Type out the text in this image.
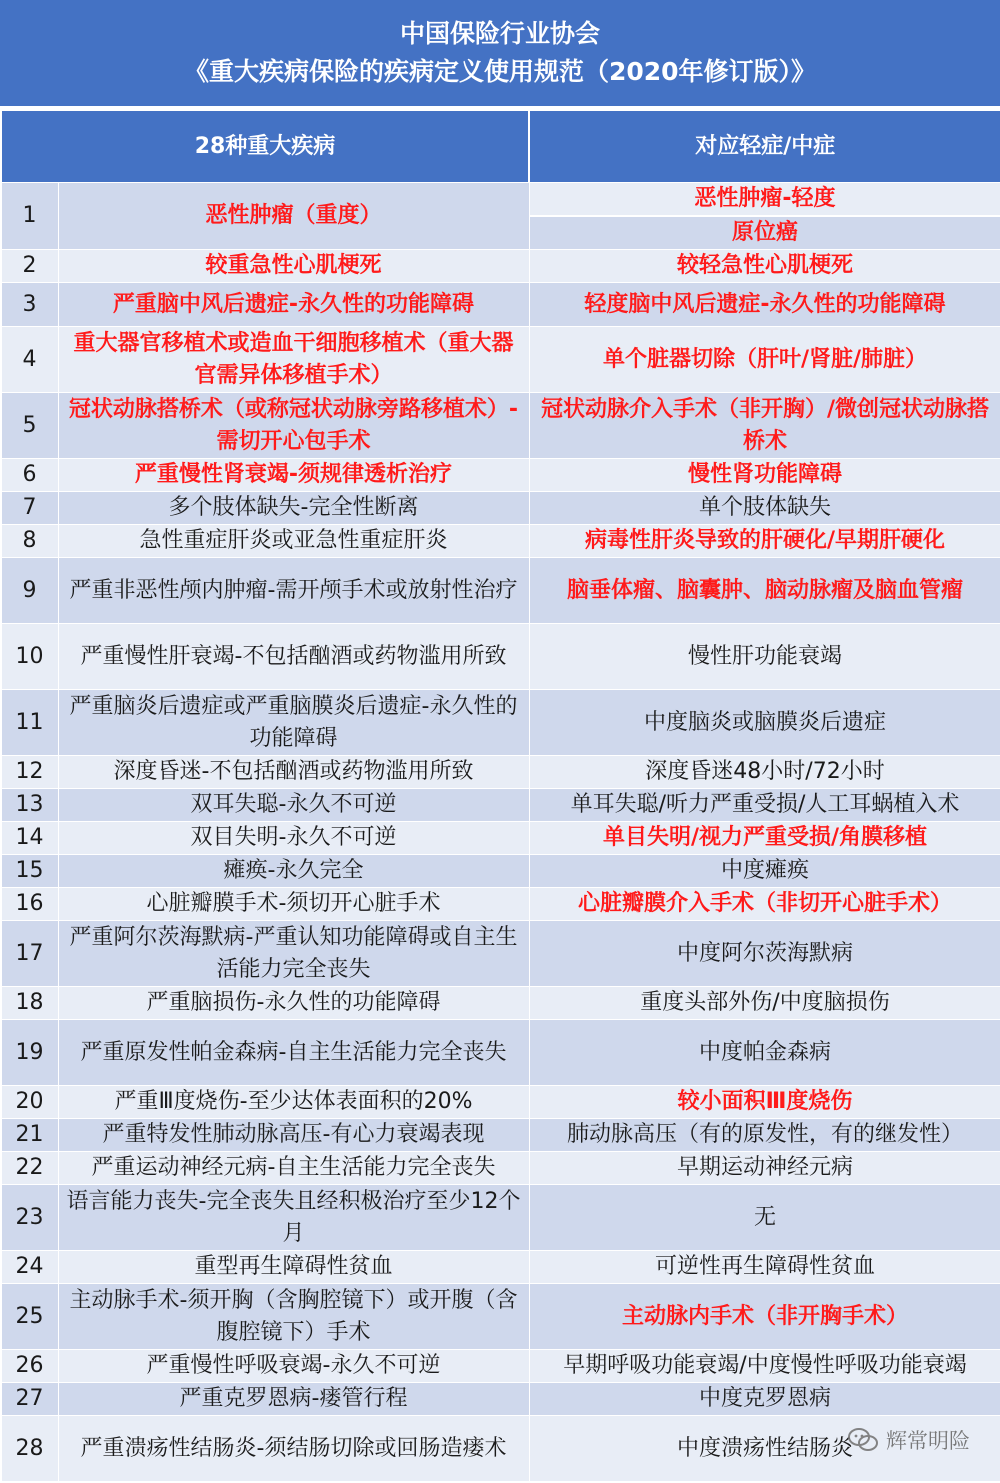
中国保险行业协会
《重大疾病保险的疾病定义使用规范（2020年修订版）》
28种重大疾病		对应轻症/中症
1	恶性肿瘤（重度）	恶性肿瘤-轻度
原位癌

2	较重急性心肌梗死	较轻急性心肌梗死
3	严重脑中风后遗症-永久性的功能障碍	轻度脑中风后遗症-永久性的功能障碍
4	重大器官移植术或造血干细胞移植术（重大器官需异体移植手术）	单个脏器切除（肝叶/肾脏/肺脏）
5	冠状动脉搭桥术（或称冠状动脉旁路移植术）-需切开心包手术	冠状动脉介入手术（非开胸）/微创冠状动脉搭桥术
6	严重慢性肾衰竭-须规律透析治疗	慢性肾功能障碍
7	多个肢体缺失-完全性断离	单个肢体缺失
8	急性重症肝炎或亚急性重症肝炎	病毒性肝炎导致的肝硬化/早期肝硬化
9	严重非恶性颅内肿瘤-需开颅手术或放射性治疗	脑垂体瘤、脑囊肿、脑动脉瘤及脑血管瘤
10	严重慢性肝衰竭-不包括酗酒或药物滥用所致	慢性肝功能衰竭
11	严重脑炎后遗症或严重脑膜炎后遗症-永久性的功能障碍	中度脑炎或脑膜炎后遗症
12	深度昏迷-不包括酗酒或药物滥用所致	深度昏迷48小时/72小时
13	双耳失聪-永久不可逆	单耳失聪/听力严重受损/人工耳蜗植入术
14	双目失明-永久不可逆	单目失明/视力严重受损/角膜移植
15	瘫痪-永久完全	中度瘫痪
16	心脏瓣膜手术-须切开心脏手术	心脏瓣膜介入手术（非切开心脏手术）
17	严重阿尔茨海默病-严重认知功能障碍或自主生活能力完全丧失	中度阿尔茨海默病
18	严重脑损伤-永久性的功能障碍	重度头部外伤/中度脑损伤
19	严重原发性帕金森病-自主生活能力完全丧失	中度帕金森病
20	严重Ⅲ度烧伤-至少达体表面积的20%	较小面积Ⅲ度烧伤
21	严重特发性肺动脉高压-有心力衰竭表现	肺动脉高压（有的原发性，有的继发性）
22	严重运动神经元病-自主生活能力完全丧失	早期运动神经元病
23	语言能力丧失-完全丧失且经积极治疗至少12个月	无
24	重型再生障碍性贫血	可逆性再生障碍性贫血
25	主动脉手术-须开胸（含胸腔镜下）或开腹（含腹腔镜下）手术	主动脉内手术（非开胸手术）
26	严重慢性呼吸衰竭-永久不可逆	早期呼吸功能衰竭/中度慢性呼吸功能衰竭
27	严重克罗恩病-瘘管行程	中度克罗恩病
28	严重溃疡性结肠炎-须结肠切除或回肠造瘘术	中度溃疡性结肠炎 辉常明险
